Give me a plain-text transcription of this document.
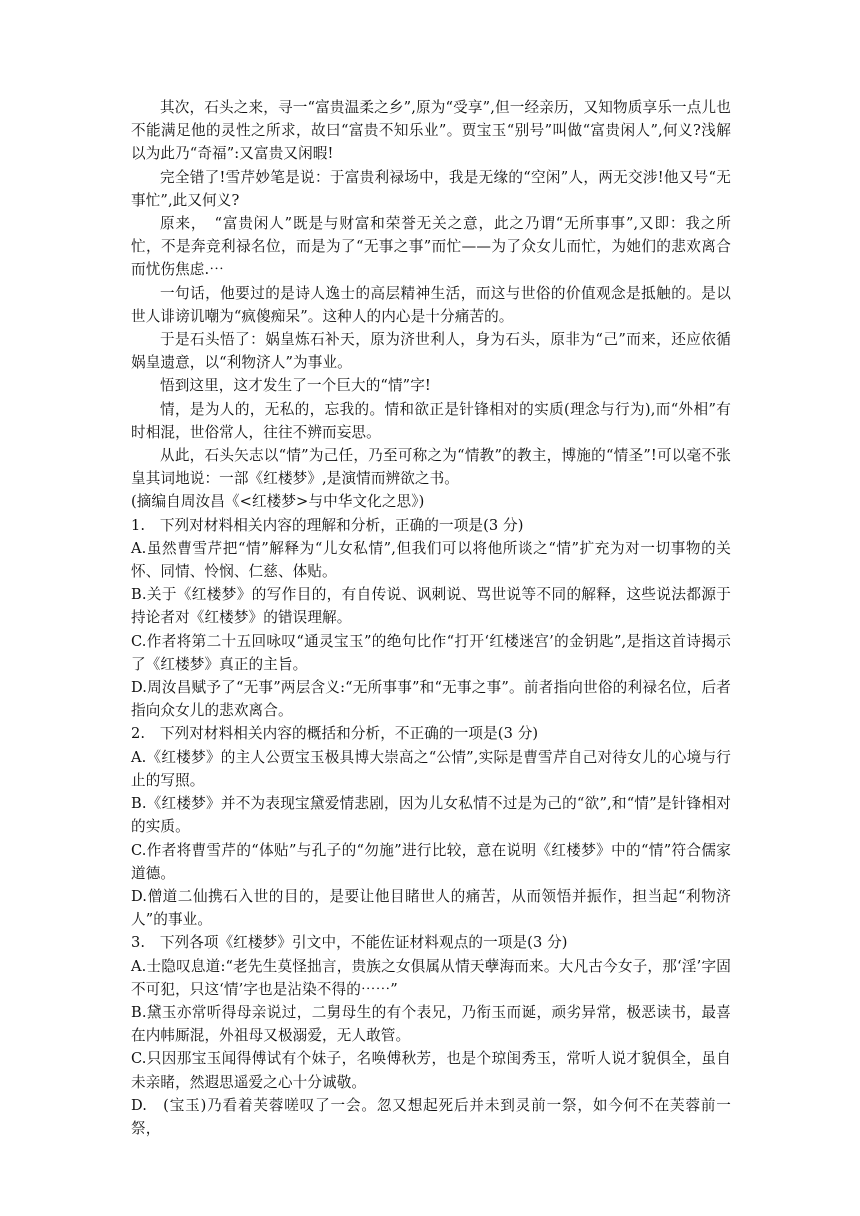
其次，石头之来，寻一“富贵温柔之乡”,原为“受享”,但一经亲历，又知物质享乐一点儿也不能满足他的灵性之所求，故曰“富贵不知乐业”。贾宝玉“别号”叫做“富贵闲人”,何义?浅解以为此乃“奇福”:又富贵又闲暇!

完全错了!雪芹妙笔是说：于富贵利禄场中，我是无缘的“空闲”人，两无交涉!他又号“无事忙”,此又何义?

原来，　“富贵闲人”既是与财富和荣誉无关之意，此之乃谓“无所事事”,又即：我之所忙，不是奔竞利禄名位，而是为了“无事之事”而忙——为了众女儿而忙，为她们的悲欢离合而忧伤焦虑.⋯

一句话，他要过的是诗人逸士的高层精神生活，而这与世俗的价值观念是抵触的。是以世人诽谤讥嘲为“疯傻痴呆”。这种人的内心是十分痛苦的。

于是石头悟了：娲皇炼石补天，原为济世利人，身为石头，原非为“己”而来，还应依循娲皇遗意，以“利物济人”为事业。

悟到这里，这才发生了一个巨大的“情”字!

情，是为人的，无私的，忘我的。情和欲正是针锋相对的实质(理念与行为),而“外相”有时相混，世俗常人，往往不辨而妄思。

从此，石头矢志以“情”为己任，乃至可称之为“情教”的教主，博施的“情圣”!可以毫不张皇其词地说：一部《红楼梦》,是演情而辨欲之书。

(摘编自周汝昌《<红楼梦>与中华文化之思》)

1.　下列对材料相关内容的理解和分析，正确的一项是(3 分)

A.虽然曹雪芹把“情”解释为“儿女私情”,但我们可以将他所谈之“情”扩充为对一切事物的关怀、同情、怜悯、仁慈、体贴。

B.关于《红楼梦》的写作目的，有自传说、讽刺说、骂世说等不同的解释，这些说法都源于持论者对《红楼梦》的错误理解。

C.作者将第二十五回咏叹“通灵宝玉”的绝句比作“打开‘红楼迷宫’的金钥匙”,是指这首诗揭示了《红楼梦》真正的主旨。

D.周汝昌赋予了“无事”两层含义:“无所事事”和“无事之事”。前者指向世俗的利禄名位，后者指向众女儿的悲欢离合。

2.　下列对材料相关内容的概括和分析，不正确的一项是(3 分)

A.《红楼梦》的主人公贾宝玉极具博大崇高之“公情”,实际是曹雪芹自己对待女儿的心境与行止的写照。

B.《红楼梦》并不为表现宝黛爱情悲剧，因为儿女私情不过是为己的“欲”,和“情”是针锋相对的实质。

C.作者将曹雪芹的“体贴”与孔子的“勿施”进行比较，意在说明《红楼梦》中的“情”符合儒家道德。

D.僧道二仙携石入世的目的，是要让他目睹世人的痛苦，从而领悟并振作，担当起“利物济人”的事业。

3.　下列各项《红楼梦》引文中，不能佐证材料观点的一项是(3 分)

A.士隐叹息道:“老先生莫怪拙言，贵族之女俱属从情天孽海而来。大凡古今女子，那‘淫’字固不可犯，只这‘情’字也是沾染不得的⋯⋯”

B.黛玉亦常听得母亲说过，二舅母生的有个表兄，乃衔玉而诞，顽劣异常，极恶读书，最喜在内帏厮混，外祖母又极溺爱，无人敢管。

C.只因那宝玉闻得傅试有个妹子，名唤傅秋芳，也是个琼闺秀玉，常听人说才貌俱全，虽自未亲睹，然遐思遥爱之心十分诚敬。

D.　(宝玉)乃看着芙蓉嗟叹了一会。忽又想起死后并未到灵前一祭，如今何不在芙蓉前一祭，
